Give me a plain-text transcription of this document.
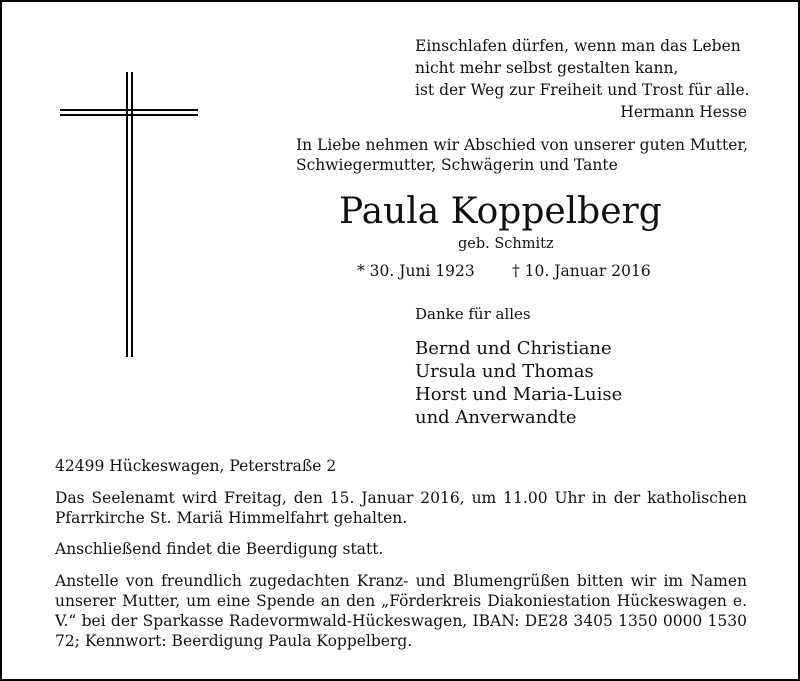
Einschlafen dürfen, wenn man das Leben
nicht mehr selbst gestalten kann,
ist der Weg zur Freiheit und Trost für alle.
Hermann Hesse
In Liebe nehmen wir Abschied von unserer guten Mutter,
Schwiegermutter, Schwägerin und Tante
Paula Koppelberg
geb. Schmitz
* 30. Juni 1923 † 10. Januar 2016
Danke für alles
Bernd und Christiane
Ursula und Thomas
Horst und Maria-Luise
und Anverwandte
42499 Hückeswagen, Peterstraße 2
Das Seelenamt wird Freitag, den 15. Januar 2016, um 11.00 Uhr in der katholischen Pfarrkirche St. Mariä Himmelfahrt gehalten.
Anschließend findet die Beerdigung statt.
Anstelle von freundlich zugedachten Kranz- und Blumengrüßen bitten wir im Namen unserer Mutter, um eine Spende an den „Förderkreis Diakoniestation Hückeswagen e. V.“ bei der Sparkasse Radevormwald-Hückeswagen, IBAN: DE28 3405 1350 0000 1530 72; Kennwort: Beerdigung Paula Koppelberg.
